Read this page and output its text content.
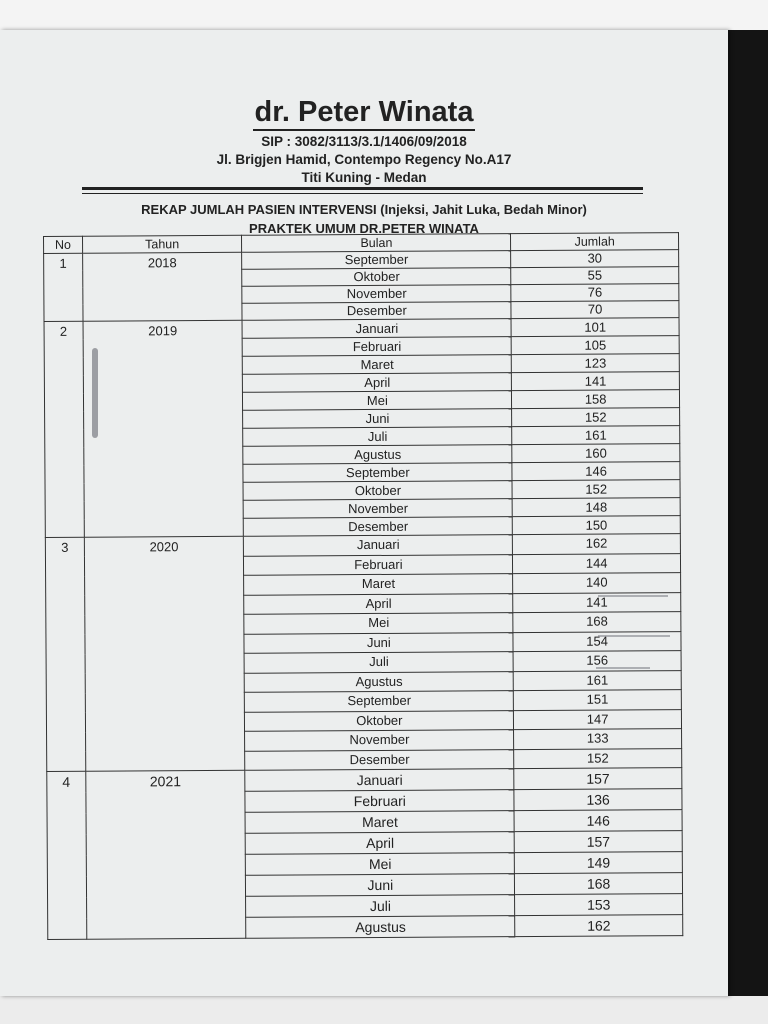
dr. Peter Winata
SIP : 3082/3113/3.1/1406/09/2018
Jl. Brigjen Hamid, Contempo Regency No.A17
Titi Kuning - Medan
REKAP JUMLAH PASIEN INTERVENSI (Injeksi, Jahit Luka, Bedah Minor)
PRAKTEK UMUM DR.PETER WINATA
No	Tahun	Bulan	Jumlah
1	2018	September	30
		Oktober	55
		November	76
		Desember	70
2	2019	Januari	101
		Februari	105
		Maret	123
		April	141
		Mei	158
		Juni	152
		Juli	161
		Agustus	160
		September	146
		Oktober	152
		November	148
		Desember	150
3	2020	Januari	162
		Februari	144
		Maret	140
		April	141
		Mei	168
		Juni	154
		Juli	156
		Agustus	161
		September	151
		Oktober	147
		November	133
		Desember	152
4	2021	Januari	157
		Februari	136
		Maret	146
		April	157
		Mei	149
		Juni	168
		Juli	153
		Agustus	162
